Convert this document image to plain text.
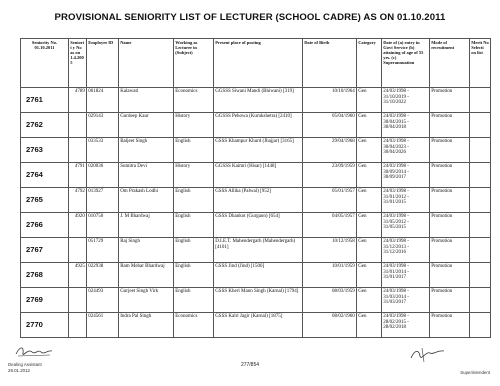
PROVISIONAL SENIORITY LIST OF LECTURER (SCHOOL CADRE) AS ON 01.10.2011
Seniority No. 01.10.2011	Seniorit y No as on 1.4.200 5	Employee ID	Name	Working as Lecturer in (Subject)	Present place of posting	Date of Birth	Category	Date of (a) entry in Govt Service (b) attaining of age of 55 yrs. (c) Superannuation	Mode of recruitment	Merit No Selecti on list
2761	4789	061824	Kalawati	Economics	GGSSS Siwani Mandi (Bhiwani) [319]	10/10/1964	Gen	24/03/1998 - 31/10/2019 - 31/10/2022	Promotion	
2762		029143	Gurdeep Kaur	History	GGSSS Pehowa (Kurukshetra) [2410]	05/04/1960	Gen	24/03/1998 - 30/04/2015 - 30/04/2018	Promotion	
2763		033533	Baljeet Singh	English	GSSS Khampur Khurd (Jhajjar) [3165]	29/04/1968	Gen	24/03/1998 - 30/04/2023 - 30/04/2026	Promotion	
2764	4791	020036	Sumitra Devi	History	GGSSS Kaimri (Hisar) [1448]	23/09/1959	Gen	24/03/1998 - 30/09/2014 - 30/09/2017	Promotion	
2765	4792	013927	Om Prakash Lodhi	English	GSSS Allika (Palwal) [952]	05/01/1957	Gen	24/03/1998 - 31/01/2012 - 31/01/2015	Promotion	
2766	4920	010750	J. M Bhardwaj	English	GSSS Dhankot (Gurgaon) [654]	04/05/1957	Gen	24/03/1998 - 31/05/2012 - 31/05/2015	Promotion	
2767		051729	Raj Singh	English	D.I.E.T. Mahendergarh (Mahendergarh) [4101]	10/12/1958	Gen	24/03/1998 - 31/12/2013 - 31/12/2016	Promotion	
2768	4925	022938	Ram Mehar Bhardwaj	English	GSSS Jind (Jind) [1506]	10/01/1959	Gen	24/03/1998 - 31/01/2014 - 31/01/2017	Promotion	
2769		024493	Gurjeet Singh Virk	English	GSSS Kheri Mann Singh (Karnal) [1794]	08/03/1959	Gen	24/03/1998 - 31/03/2014 - 31/03/2017	Promotion	
2770		024561	Indra Pal Singh	Economics	GSSS Kalri Jagir (Karnal) [1875]	08/02/1960	Gen	24/03/1998 - 28/02/2015 - 28/02/2018	Promotion	
Dealing Assistant
28.01.2012
277/854
Superintendent
